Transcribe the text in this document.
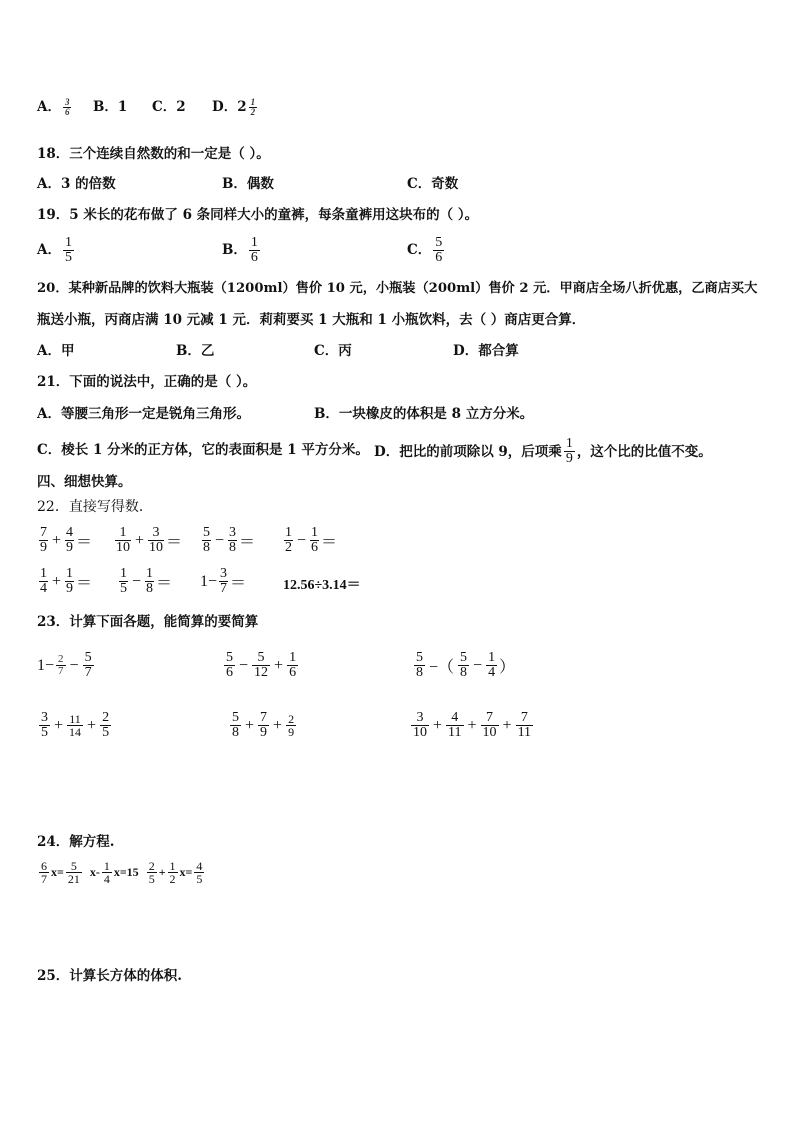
A． $\frac{3}{6}$ B．1 C．2 D．$2 \frac{1}{2}$
18．三个连续自然数的和一定是（ ）。
A．3 的倍数	B．偶数	C．奇数
19．5 米长的花布做了 6 条同样大小的童裤，每条童裤用这块布的（ ）。
A． $\frac{1}{5}$	B． $\frac{1}{6}$	C． $\frac{5}{6}$
20．某种新品牌的饮料大瓶装（1200ml）售价 10 元，小瓶装（200ml）售价 2 元．甲商店全场八折优惠，乙商店买大
瓶送小瓶，丙商店满 10 元减 1 元．莉莉要买 1 大瓶和 1 小瓶饮料，去（ ）商店更合算．
A．甲	B．乙	C．丙	D．都合算
21．下面的说法中，正确的是（ ）。
A．等腰三角形一定是锐角三角形。	B．一块橡皮的体积是 8 立方分米。
C．棱长 1 分米的正方体，它的表面积是 1 平方分米。 D．把比的前项除以 9，后项乘 $\frac{1}{9}$ ，这个比的比值不变。
四、细想快算。
22．直接写得数．
$\frac{7}{9} + \frac{4}{9} = \frac{1}{10} + \frac{3}{10} = \frac{5}{8} - \frac{3}{8} = \frac{1}{2} - \frac{1}{6}$ ＝
$\frac{1}{4} + \frac{1}{9} = \frac{1}{5} - \frac{1}{8} = 1- \frac{3}{7}$ ＝	12.56÷3.14＝
23．计算下面各题，能简算的要简算
$1- \frac{2}{7} - \frac{5}{7}$	$\frac{5}{6} - \frac{5}{12} + \frac{1}{6}$	$\frac{5}{8}$ −（ $\frac{5}{8} - \frac{1}{4}$ ）
$\frac{3}{5} + \frac{11}{14} + \frac{2}{5}$	$\frac{5}{8} + \frac{7}{9} + \frac{2}{9}$	$\frac{3}{10} + \frac{4}{11} + \frac{7}{10} + \frac{7}{11}$
24．解方程.
$\frac{6}{7} x= \frac{5}{21} x- \frac{1}{4} x=15 \frac{2}{5} + \frac{1}{2} x= \frac{4}{5}$
25．计算长方体的体积.
